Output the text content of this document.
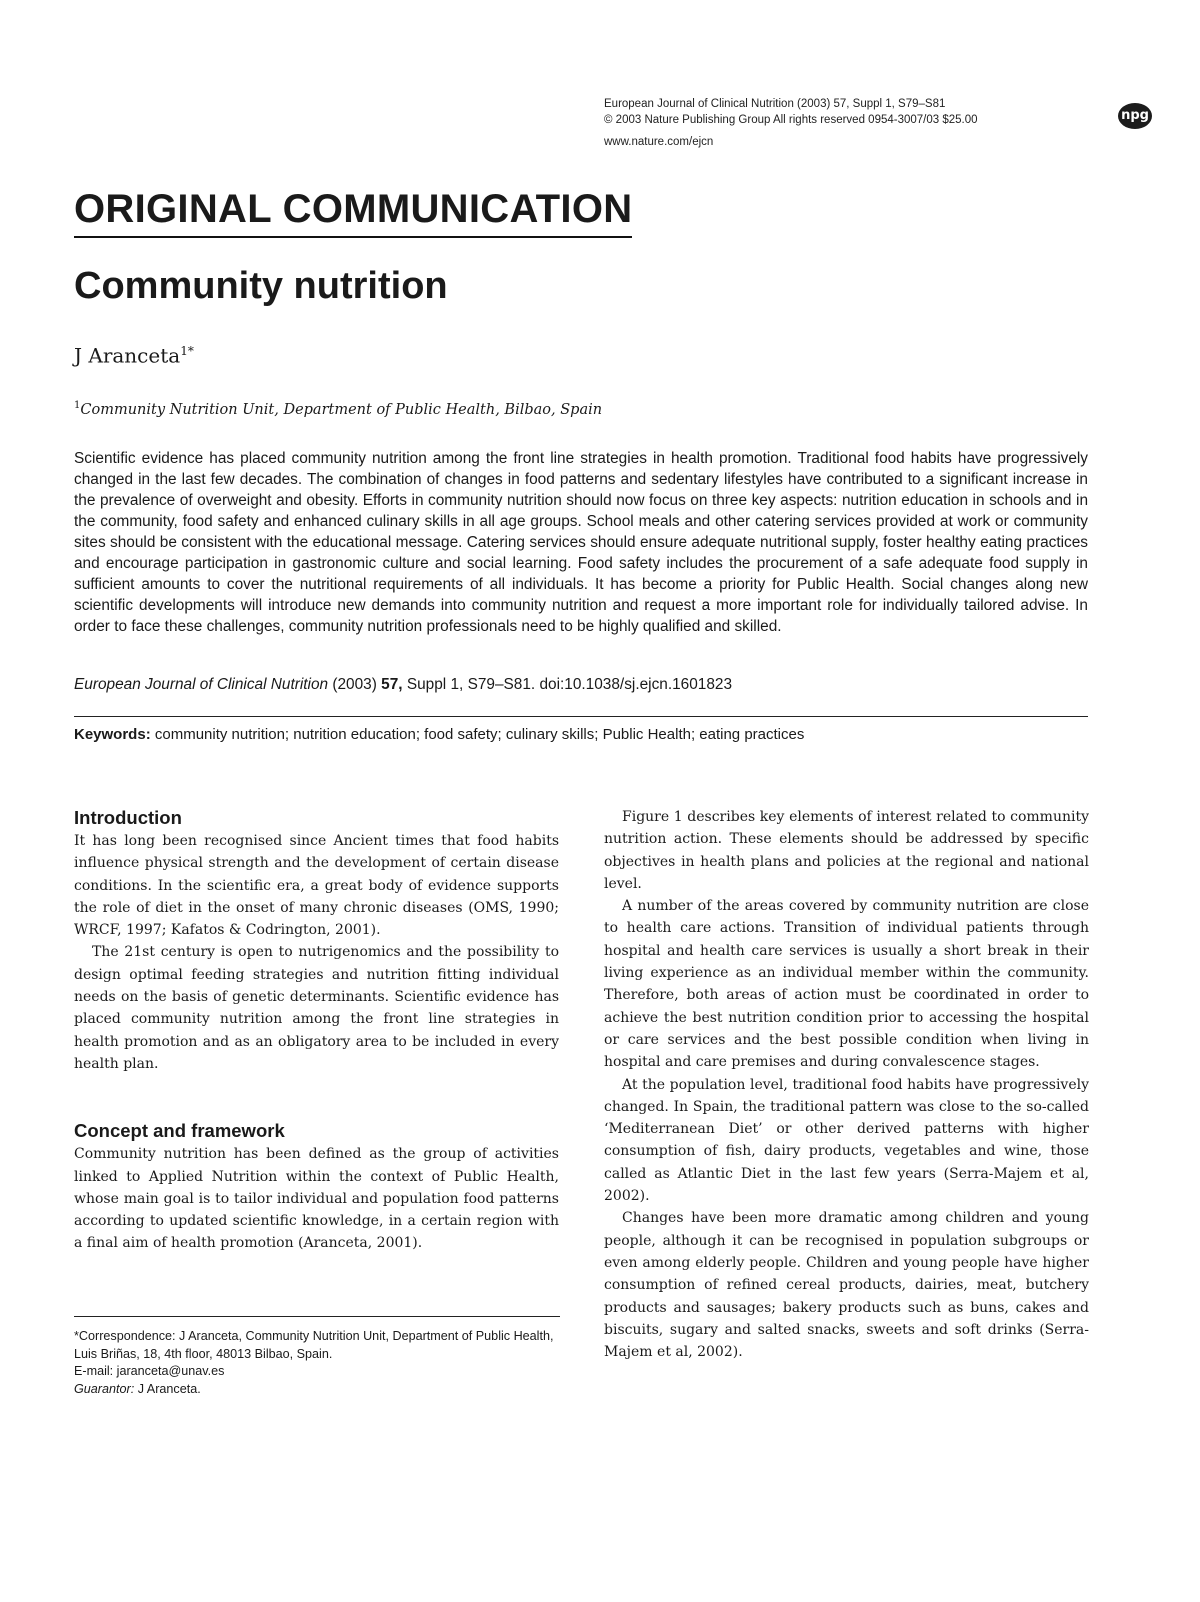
European Journal of Clinical Nutrition (2003) 57, Suppl 1, S79–S81
© 2003 Nature Publishing Group All rights reserved 0954-3007/03 $25.00
www.nature.com/ejcn
npg
ORIGINAL COMMUNICATION
Community nutrition
J Aranceta$^{1*}$
$^1$Community Nutrition Unit, Department of Public Health, Bilbao, Spain

Scientific evidence has placed community nutrition among the front line strategies in health promotion. Traditional food habits have progressively changed in the last few decades. The combination of changes in food patterns and sedentary lifestyles have contributed to a significant increase in the prevalence of overweight and obesity. Efforts in community nutrition should now focus on three key aspects: nutrition education in schools and in the community, food safety and enhanced culinary skills in all age groups. School meals and other catering services provided at work or community sites should be consistent with the educational message. Catering services should ensure adequate nutritional supply, foster healthy eating practices and encourage participation in gastronomic culture and social learning. Food safety includes the procurement of a safe adequate food supply in sufficient amounts to cover the nutritional requirements of all individuals. It has become a priority for Public Health. Social changes along new scientific developments will introduce new demands into community nutrition and request a more important role for individually tailored advise. In order to face these challenges, community nutrition professionals need to be highly qualified and skilled.

European Journal of Clinical Nutrition (2003) 57, Suppl 1, S79–S81. doi:10.1038/sj.ejcn.1601823
Keywords: community nutrition; nutrition education; food safety; culinary skills; Public Health; eating practices
Introduction

It has long been recognised since Ancient times that food habits influence physical strength and the development of certain disease conditions. In the scientific era, a great body of evidence supports the role of diet in the onset of many chronic diseases (OMS, 1990; WRCF, 1997; Kafatos & Codrington, 2001).

The 21st century is open to nutrigenomics and the possibility to design optimal feeding strategies and nutrition fitting individual needs on the basis of genetic determinants. Scientific evidence has placed community nutrition among the front line strategies in health promotion and as an obligatory area to be included in every health plan.

Concept and framework

Community nutrition has been defined as the group of activities linked to Applied Nutrition within the context of Public Health, whose main goal is to tailor individual and population food patterns according to updated scientific knowledge, in a certain region with a final aim of health promotion (Aranceta, 2001).

*Correspondence: J Aranceta, Community Nutrition Unit, Department of Public Health, Luis Briñas, 18, 4th floor, 48013 Bilbao, Spain.
E-mail: jaranceta@unav.es
Guarantor: J Aranceta.

Figure 1 describes key elements of interest related to community nutrition action. These elements should be addressed by specific objectives in health plans and policies at the regional and national level.

A number of the areas covered by community nutrition are close to health care actions. Transition of individual patients through hospital and health care services is usually a short break in their living experience as an individual member within the community. Therefore, both areas of action must be coordinated in order to achieve the best nutrition condition prior to accessing the hospital or care services and the best possible condition when living in hospital and care premises and during convalescence stages.

At the population level, traditional food habits have progressively changed. In Spain, the traditional pattern was close to the so-called ‘Mediterranean Diet’ or other derived patterns with higher consumption of fish, dairy products, vegetables and wine, those called as Atlantic Diet in the last few years (Serra-Majem et al, 2002).

Changes have been more dramatic among children and young people, although it can be recognised in population subgroups or even among elderly people. Children and young people have higher consumption of refined cereal products, dairies, meat, butchery products and sausages; bakery products such as buns, cakes and biscuits, sugary and salted snacks, sweets and soft drinks (Serra-Majem et al, 2002).
